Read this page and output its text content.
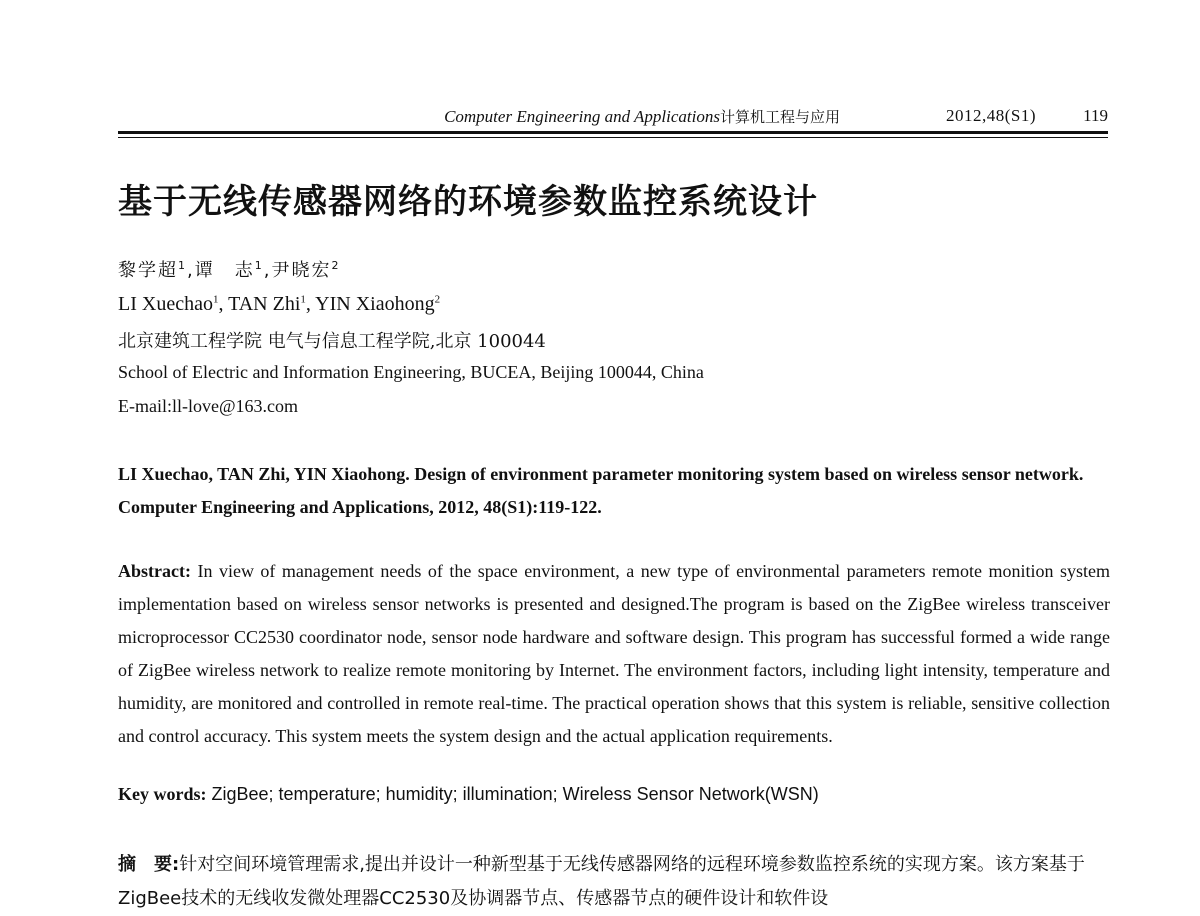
Computer Engineering and Applications计算机工程与应用	2012,48(S1)	119
基于无线传感器网络的环境参数监控系统设计
黎学超$^1$,谭　志$^1$,尹晓宏$^2$
LI Xuechao$^1$, TAN Zhi$^1$, YIN Xiaohong$^2$
北京建筑工程学院 电气与信息工程学院,北京 100044
School of Electric and Information Engineering, BUCEA, Beijing 100044, China
E-mail:ll-love@163.com
LI Xuechao, TAN Zhi, YIN Xiaohong. Design of environment parameter monitoring system based on wireless sensor network. Computer Engineering and Applications, 2012, 48(S1):119-122.
Abstract: In view of management needs of the space environment, a new type of environmental parameters remote monition system implementation based on wireless sensor networks is presented and designed.The program is based on the ZigBee wireless transceiver microprocessor CC2530 coordinator node, sensor node hardware and software design. This program has successful formed a wide range of ZigBee wireless network to realize remote monitoring by Internet. The environment factors, including light intensity, temperature and humidity, are monitored and controlled in remote real-time. The practical operation shows that this system is reliable, sensitive collection and control accuracy. This system meets the system design and the actual application requirements.
Key words: ZigBee; temperature; humidity; illumination; Wireless Sensor Network(WSN)
摘　要:针对空间环境管理需求,提出并设计一种新型基于无线传感器网络的远程环境参数监控系统的实现方案。该方案基于ZigBee技术的无线收发微处理器CC2530及协调器节点、传感器节点的硬件设计和软件设
